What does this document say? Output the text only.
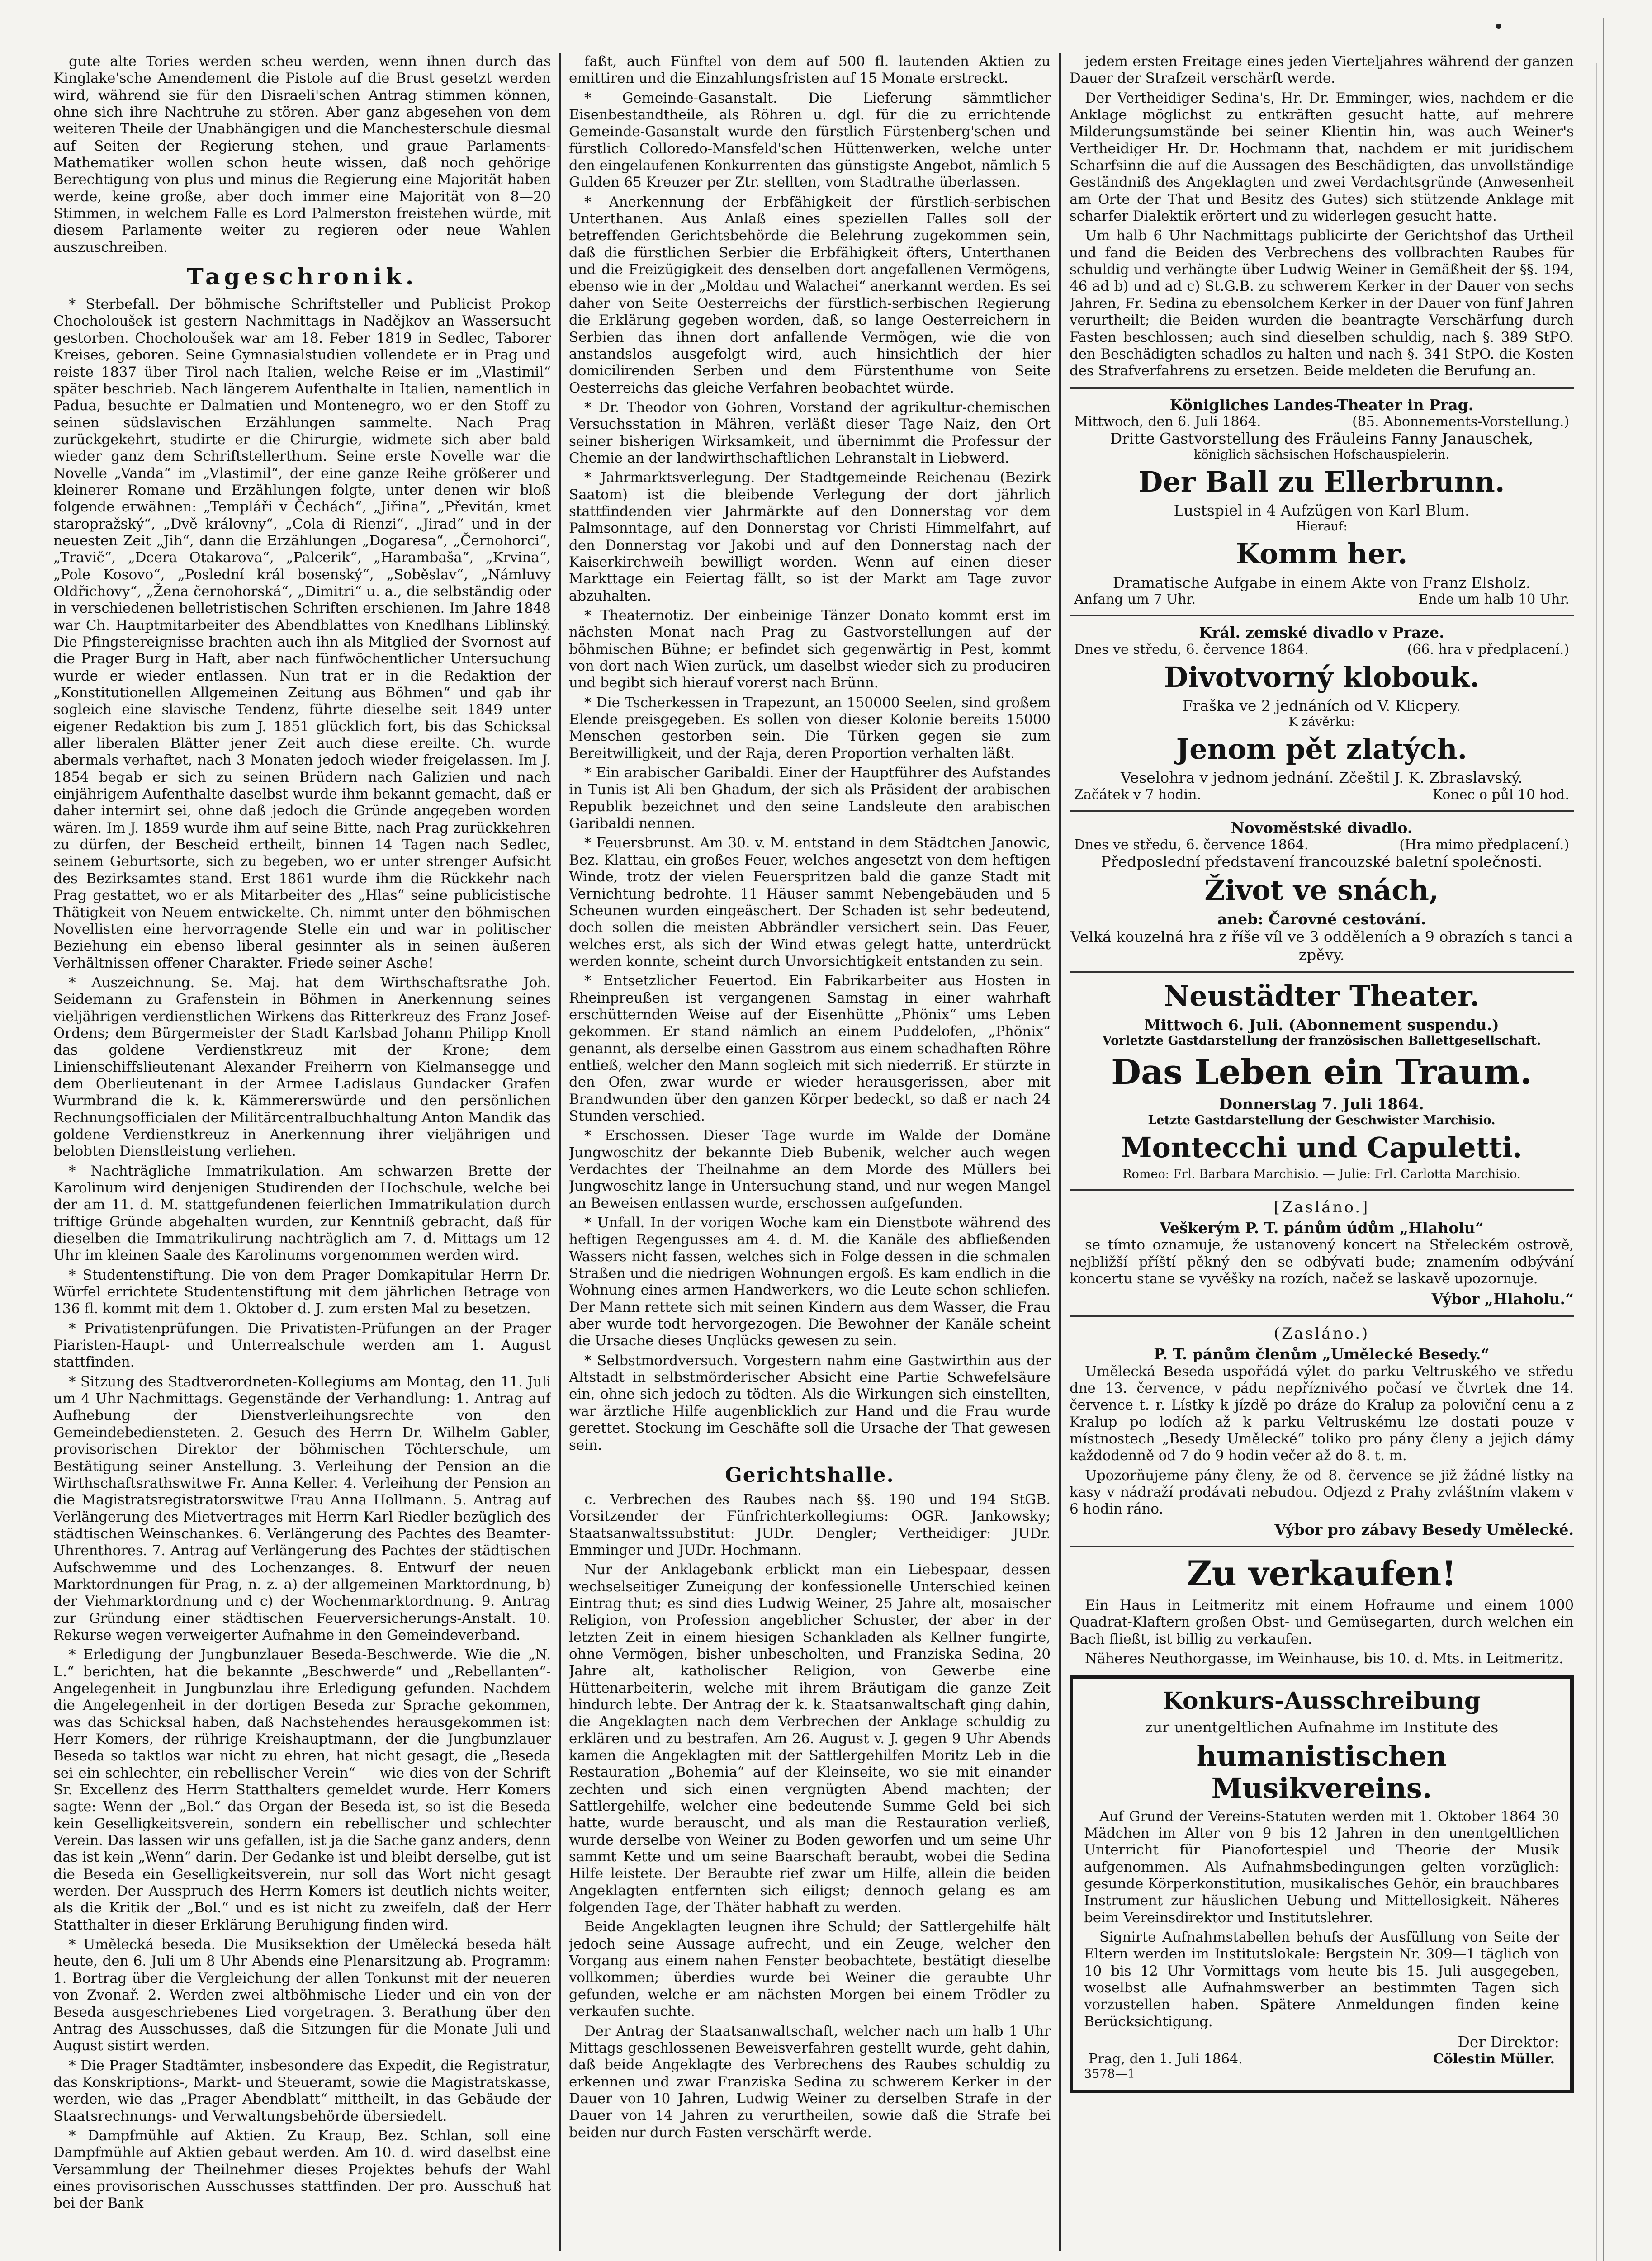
gute alte Tories werden scheu werden, wenn ihnen durch das Kinglake'sche Amendement die Pistole auf die Brust gesetzt werden wird, während sie für den Disraeli'schen Antrag stimmen können, ohne sich ihre Nachtruhe zu stören. Aber ganz abgesehen von dem weiteren Theile der Unabhängigen und die Manchesterschule diesmal auf Seiten der Regierung stehen, und graue Parlaments-Mathematiker wollen schon heute wissen, daß noch gehörige Berechtigung von plus und minus die Regierung eine Majorität haben werde, keine große, aber doch immer eine Majorität von 8—20 Stimmen, in welchem Falle es Lord Palmerston freistehen würde, mit diesem Parlamente weiter zu regieren oder neue Wahlen auszuschreiben.

Tageschronik.

* Sterbefall. Der böhmische Schriftsteller und Publicist Prokop Chocholoušek ist gestern Nachmittags in Nadějkov an Wassersucht gestorben. Chocholoušek war am 18. Feber 1819 in Sedlec, Taborer Kreises, geboren. Seine Gymnasialstudien vollendete er in Prag und reiste 1837 über Tirol nach Italien, welche Reise er im „Vlastimil“ später beschrieb. Nach längerem Aufenthalte in Italien, namentlich in Padua, besuchte er Dalmatien und Montenegro, wo er den Stoff zu seinen südslavischen Erzählungen sammelte. Nach Prag zurückgekehrt, studirte er die Chirurgie, widmete sich aber bald wieder ganz dem Schriftstellerthum. Seine erste Novelle war die Novelle „Vanda“ im „Vlastimil“, der eine ganze Reihe größerer und kleinerer Romane und Erzählungen folgte, unter denen wir bloß folgende erwähnen: „Templáři v Čechách“, „Jiřina“, „Převitán, kmet staropražský“, „Dvě královny“, „Cola di Rienzi“, „Jirad“ und in der neuesten Zeit „Jih“, dann die Erzählungen „Dogaresa“, „Černohorci“, „Travič“, „Dcera Otakarova“, „Palcerik“, „Harambaša“, „Krvina“, „Pole Kosovo“, „Poslední král bosenský“, „Soběslav“, „Námluvy Oldřichovy“, „Žena černohorská“, „Dimitri“ u. a., die selbständig oder in verschiedenen belletristischen Schriften erschienen. Im Jahre 1848 war Ch. Hauptmitarbeiter des Abendblattes von Knedlhans Liblinský. Die Pfingstereignisse brachten auch ihn als Mitglied der Svornost auf die Prager Burg in Haft, aber nach fünfwöchentlicher Untersuchung wurde er wieder entlassen. Nun trat er in die Redaktion der „Konstitutionellen Allgemeinen Zeitung aus Böhmen“ und gab ihr sogleich eine slavische Tendenz, führte dieselbe seit 1849 unter eigener Redaktion bis zum J. 1851 glücklich fort, bis das Schicksal aller liberalen Blätter jener Zeit auch diese ereilte. Ch. wurde abermals verhaftet, nach 3 Monaten jedoch wieder freigelassen. Im J. 1854 begab er sich zu seinen Brüdern nach Galizien und nach einjährigem Aufenthalte daselbst wurde ihm bekannt gemacht, daß er daher internirt sei, ohne daß jedoch die Gründe angegeben worden wären. Im J. 1859 wurde ihm auf seine Bitte, nach Prag zurückkehren zu dürfen, der Bescheid ertheilt, binnen 14 Tagen nach Sedlec, seinem Geburtsorte, sich zu begeben, wo er unter strenger Aufsicht des Bezirksamtes stand. Erst 1861 wurde ihm die Rückkehr nach Prag gestattet, wo er als Mitarbeiter des „Hlas“ seine publicistische Thätigkeit von Neuem entwickelte. Ch. nimmt unter den böhmischen Novellisten eine hervorragende Stelle ein und war in politischer Beziehung ein ebenso liberal gesinnter als in seinen äußeren Verhältnissen offener Charakter. Friede seiner Asche!

* Auszeichnung. Se. Maj. hat dem Wirthschaftsrathe Joh. Seidemann zu Grafenstein in Böhmen in Anerkennung seines vieljährigen verdienstlichen Wirkens das Ritterkreuz des Franz Josef-Ordens; dem Bürgermeister der Stadt Karlsbad Johann Philipp Knoll das goldene Verdienstkreuz mit der Krone; dem Linienschiffslieutenant Alexander Freiherrn von Kielmansegge und dem Oberlieutenant in der Armee Ladislaus Gundacker Grafen Wurmbrand die k. k. Kämmererswürde und den persönlichen Rechnungsofficialen der Militärcentralbuchhaltung Anton Mandik das goldene Verdienstkreuz in Anerkennung ihrer vieljährigen und belobten Dienstleistung verliehen.

* Nachträgliche Immatrikulation. Am schwarzen Brette der Karolinum wird denjenigen Studirenden der Hochschule, welche bei der am 11. d. M. stattgefundenen feierlichen Immatrikulation durch triftige Gründe abgehalten wurden, zur Kenntniß gebracht, daß für dieselben die Immatrikulirung nachträglich am 7. d. Mittags um 12 Uhr im kleinen Saale des Karolinums vorgenommen werden wird.

* Studentenstiftung. Die von dem Prager Domkapitular Herrn Dr. Würfel errichtete Studentenstiftung mit dem jährlichen Betrage von 136 fl. kommt mit dem 1. Oktober d. J. zum ersten Mal zu besetzen.

* Privatistenprüfungen. Die Privatisten-Prüfungen an der Prager Piaristen-Haupt- und Unterrealschule werden am 1. August stattfinden.

* Sitzung des Stadtverordneten-Kollegiums am Montag, den 11. Juli um 4 Uhr Nachmittags. Gegenstände der Verhandlung: 1. Antrag auf Aufhebung der Dienstverleihungsrechte von den Gemeindebediensteten. 2. Gesuch des Herrn Dr. Wilhelm Gabler, provisorischen Direktor der böhmischen Töchterschule, um Bestätigung seiner Anstellung. 3. Verleihung der Pension an die Wirthschaftsrathswitwe Fr. Anna Keller. 4. Verleihung der Pension an die Magistratsregistratorswitwe Frau Anna Hollmann. 5. Antrag auf Verlängerung des Mietvertrages mit Herrn Karl Riedler bezüglich des städtischen Weinschankes. 6. Verlängerung des Pachtes des Beamter-Uhrenthores. 7. Antrag auf Verlängerung des Pachtes der städtischen Aufschwemme und des Lochenzanges. 8. Entwurf der neuen Marktordnungen für Prag, n. z. a) der allgemeinen Marktordnung, b) der Viehmarktordnung und c) der Wochenmarktordnung. 9. Antrag zur Gründung einer städtischen Feuerversicherungs-Anstalt. 10. Rekurse wegen verweigerter Aufnahme in den Gemeindeverband.

* Erledigung der Jungbunzlauer Beseda-Beschwerde. Wie die „N. L.“ berichten, hat die bekannte „Beschwerde“ und „Rebellanten“-Angelegenheit in Jungbunzlau ihre Erledigung gefunden. Nachdem die Angelegenheit in der dortigen Beseda zur Sprache gekommen, was das Schicksal haben, daß Nachstehendes herausgekommen ist: Herr Komers, der rührige Kreishauptmann, der die Jungbunzlauer Beseda so taktlos war nicht zu ehren, hat nicht gesagt, die „Beseda sei ein schlechter, ein rebellischer Verein“ — wie dies von der Schrift Sr. Excellenz des Herrn Statthalters gemeldet wurde. Herr Komers sagte: Wenn der „Bol.“ das Organ der Beseda ist, so ist die Beseda kein Geselligkeitsverein, sondern ein rebellischer und schlechter Verein. Das lassen wir uns gefallen, ist ja die Sache ganz anders, denn das ist kein „Wenn“ darin. Der Gedanke ist und bleibt derselbe, gut ist die Beseda ein Geselligkeitsverein, nur soll das Wort nicht gesagt werden. Der Ausspruch des Herrn Komers ist deutlich nichts weiter, als die Kritik der „Bol.“ und es ist nicht zu zweifeln, daß der Herr Statthalter in dieser Erklärung Beruhigung finden wird.

* Umělecká beseda. Die Musiksektion der Umělecká beseda hält heute, den 6. Juli um 8 Uhr Abends eine Plenarsitzung ab. Programm: 1. Bortrag über die Vergleichung der allen Tonkunst mit der neueren von Zvonař. 2. Werden zwei altböhmische Lieder und ein von der Beseda ausgeschriebenes Lied vorgetragen. 3. Berathung über den Antrag des Ausschusses, daß die Sitzungen für die Monate Juli und August sistirt werden.

* Die Prager Stadtämter, insbesondere das Expedit, die Registratur, das Konskriptions-, Markt- und Steueramt, sowie die Magistratskasse, werden, wie das „Prager Abendblatt“ mittheilt, in das Gebäude der Staatsrechnungs- und Verwaltungsbehörde übersiedelt.

* Dampfmühle auf Aktien. Zu Kraup, Bez. Schlan, soll eine Dampfmühle auf Aktien gebaut werden. Am 10. d. wird daselbst eine Versammlung der Theilnehmer dieses Projektes behufs der Wahl eines provisorischen Ausschusses stattfinden. Der pro. Ausschuß hat bei der Bank

faßt, auch Fünftel von dem auf 500 fl. lautenden Aktien zu emittiren und die Einzahlungsfristen auf 15 Monate erstreckt.

* Gemeinde-Gasanstalt. Die Lieferung sämmtlicher Eisenbestandtheile, als Röhren u. dgl. für die zu errichtende Gemeinde-Gasanstalt wurde den fürstlich Fürstenberg'schen und fürstlich Colloredo-Mansfeld'schen Hüttenwerken, welche unter den eingelaufenen Konkurrenten das günstigste Angebot, nämlich 5 Gulden 65 Kreuzer per Ztr. stellten, vom Stadtrathe überlassen.

* Anerkennung der Erbfähigkeit der fürstlich-serbischen Unterthanen. Aus Anlaß eines speziellen Falles soll der betreffenden Gerichtsbehörde die Belehrung zugekommen sein, daß die fürstlichen Serbier die Erbfähigkeit öfters, Unterthanen und die Freizügigkeit des denselben dort angefallenen Vermögens, ebenso wie in der „Moldau und Walachei“ anerkannt werden. Es sei daher von Seite Oesterreichs der fürstlich-serbischen Regierung die Erklärung gegeben worden, daß, so lange Oesterreichern in Serbien das ihnen dort anfallende Vermögen, wie die von anstandslos ausgefolgt wird, auch hinsichtlich der hier domicilirenden Serben und dem Fürstenthume von Seite Oesterreichs das gleiche Verfahren beobachtet würde.

* Dr. Theodor von Gohren, Vorstand der agrikultur-chemischen Versuchsstation in Mähren, verläßt dieser Tage Naiz, den Ort seiner bisherigen Wirksamkeit, und übernimmt die Professur der Chemie an der landwirthschaftlichen Lehranstalt in Liebwerd.

* Jahrmarktsverlegung. Der Stadtgemeinde Reichenau (Bezirk Saatom) ist die bleibende Verlegung der dort jährlich stattfindenden vier Jahrmärkte auf den Donnerstag vor dem Palmsonntage, auf den Donnerstag vor Christi Himmelfahrt, auf den Donnerstag vor Jakobi und auf den Donnerstag nach der Kaiserkirchweih bewilligt worden. Wenn auf einen dieser Markttage ein Feiertag fällt, so ist der Markt am Tage zuvor abzuhalten.

* Theaternotiz. Der einbeinige Tänzer Donato kommt erst im nächsten Monat nach Prag zu Gastvorstellungen auf der böhmischen Bühne; er befindet sich gegenwärtig in Pest, kommt von dort nach Wien zurück, um daselbst wieder sich zu produciren und begibt sich hierauf vorerst nach Brünn.

* Die Tscherkessen in Trapezunt, an 150000 Seelen, sind großem Elende preisgegeben. Es sollen von dieser Kolonie bereits 15000 Menschen gestorben sein. Die Türken gegen sie zum Bereitwilligkeit, und der Raja, deren Proportion verhalten läßt.

* Ein arabischer Garibaldi. Einer der Hauptführer des Aufstandes in Tunis ist Ali ben Ghadum, der sich als Präsident der arabischen Republik bezeichnet und den seine Landsleute den arabischen Garibaldi nennen.

* Feuersbrunst. Am 30. v. M. entstand in dem Städtchen Janowic, Bez. Klattau, ein großes Feuer, welches angesetzt von dem heftigen Winde, trotz der vielen Feuerspritzen bald die ganze Stadt mit Vernichtung bedrohte. 11 Häuser sammt Nebengebäuden und 5 Scheunen wurden eingeäschert. Der Schaden ist sehr bedeutend, doch sollen die meisten Abbrändler versichert sein. Das Feuer, welches erst, als sich der Wind etwas gelegt hatte, unterdrückt werden konnte, scheint durch Unvorsichtigkeit entstanden zu sein.

* Entsetzlicher Feuertod. Ein Fabrikarbeiter aus Hosten in Rheinpreußen ist vergangenen Samstag in einer wahrhaft erschütternden Weise auf der Eisenhütte „Phönix“ ums Leben gekommen. Er stand nämlich an einem Puddelofen, „Phönix“ genannt, als derselbe einen Gasstrom aus einem schadhaften Röhre entließ, welcher den Mann sogleich mit sich niederriß. Er stürzte in den Ofen, zwar wurde er wieder herausgerissen, aber mit Brandwunden über den ganzen Körper bedeckt, so daß er nach 24 Stunden verschied.

* Erschossen. Dieser Tage wurde im Walde der Domäne Jungwoschitz der bekannte Dieb Bubenik, welcher auch wegen Verdachtes der Theilnahme an dem Morde des Müllers bei Jungwoschitz lange in Untersuchung stand, und nur wegen Mangel an Beweisen entlassen wurde, erschossen aufgefunden.

* Unfall. In der vorigen Woche kam ein Dienstbote während des heftigen Regengusses am 4. d. M. die Kanäle des abfließenden Wassers nicht fassen, welches sich in Folge dessen in die schmalen Straßen und die niedrigen Wohnungen ergoß. Es kam endlich in die Wohnung eines armen Handwerkers, wo die Leute schon schliefen. Der Mann rettete sich mit seinen Kindern aus dem Wasser, die Frau aber wurde todt hervorgezogen. Die Bewohner der Kanäle scheint die Ursache dieses Unglücks gewesen zu sein.

* Selbstmordversuch. Vorgestern nahm eine Gastwirthin aus der Altstadt in selbstmörderischer Absicht eine Partie Schwefelsäure ein, ohne sich jedoch zu tödten. Als die Wirkungen sich einstellten, war ärztliche Hilfe augenblicklich zur Hand und die Frau wurde gerettet. Stockung im Geschäfte soll die Ursache der That gewesen sein.

Gerichtshalle.

c. Verbrechen des Raubes nach §§. 190 und 194 StGB. Vorsitzender der Fünfrichterkollegiums: OGR. Jankowsky; Staatsanwaltssubstitut: JUDr. Dengler; Vertheidiger: JUDr. Emminger und JUDr. Hochmann.

Nur der Anklagebank erblickt man ein Liebespaar, dessen wechselseitiger Zuneigung der konfessionelle Unterschied keinen Eintrag thut; es sind dies Ludwig Weiner, 25 Jahre alt, mosaischer Religion, von Profession angeblicher Schuster, der aber in der letzten Zeit in einem hiesigen Schankladen als Kellner fungirte, ohne Vermögen, bisher unbescholten, und Franziska Sedina, 20 Jahre alt, katholischer Religion, von Gewerbe eine Hüttenarbeiterin, welche mit ihrem Bräutigam die ganze Zeit hindurch lebte. Der Antrag der k. k. Staatsanwaltschaft ging dahin, die Angeklagten nach dem Verbrechen der Anklage schuldig zu erklären und zu bestrafen. Am 26. August v. J. gegen 9 Uhr Abends kamen die Angeklagten mit der Sattlergehilfen Moritz Leb in die Restauration „Bohemia“ auf der Kleinseite, wo sie mit einander zechten und sich einen vergnügten Abend machten; der Sattlergehilfe, welcher eine bedeutende Summe Geld bei sich hatte, wurde berauscht, und als man die Restauration verließ, wurde derselbe von Weiner zu Boden geworfen und um seine Uhr sammt Kette und um seine Baarschaft beraubt, wobei die Sedina Hilfe leistete. Der Beraubte rief zwar um Hilfe, allein die beiden Angeklagten entfernten sich eiligst; dennoch gelang es am folgenden Tage, der Thäter habhaft zu werden.

Beide Angeklagten leugnen ihre Schuld; der Sattlergehilfe hält jedoch seine Aussage aufrecht, und ein Zeuge, welcher den Vorgang aus einem nahen Fenster beobachtete, bestätigt dieselbe vollkommen; überdies wurde bei Weiner die geraubte Uhr gefunden, welche er am nächsten Morgen bei einem Trödler zu verkaufen suchte.

Der Antrag der Staatsanwaltschaft, welcher nach um halb 1 Uhr Mittags geschlossenen Beweisverfahren gestellt wurde, geht dahin, daß beide Angeklagte des Verbrechens des Raubes schuldig zu erkennen und zwar Franziska Sedina zu schwerem Kerker in der Dauer von 10 Jahren, Ludwig Weiner zu derselben Strafe in der Dauer von 14 Jahren zu verurtheilen, sowie daß die Strafe bei beiden nur durch Fasten verschärft werde.

jedem ersten Freitage eines jeden Vierteljahres während der ganzen Dauer der Strafzeit verschärft werde.

Der Vertheidiger Sedina's, Hr. Dr. Emminger, wies, nachdem er die Anklage möglichst zu entkräften gesucht hatte, auf mehrere Milderungsumstände bei seiner Klientin hin, was auch Weiner's Vertheidiger Hr. Dr. Hochmann that, nachdem er mit juridischem Scharfsinn die auf die Aussagen des Beschädigten, das unvollständige Geständniß des Angeklagten und zwei Verdachtsgründe (Anwesenheit am Orte der That und Besitz des Gutes) sich stützende Anklage mit scharfer Dialektik erörtert und zu widerlegen gesucht hatte.

Um halb 6 Uhr Nachmittags publicirte der Gerichtshof das Urtheil und fand die Beiden des Verbrechens des vollbrachten Raubes für schuldig und verhängte über Ludwig Weiner in Gemäßheit der §§. 194, 46 ad b) und ad c) St.G.B. zu schwerem Kerker in der Dauer von sechs Jahren, Fr. Sedina zu ebensolchem Kerker in der Dauer von fünf Jahren verurtheilt; die Beiden wurden die beantragte Verschärfung durch Fasten beschlossen; auch sind dieselben schuldig, nach §. 389 StPO. den Beschädigten schadlos zu halten und nach §. 341 StPO. die Kosten des Strafverfahrens zu ersetzen. Beide meldeten die Berufung an.

Königliches Landes-Theater in Prag.
Mittwoch, den 6. Juli 1864.	(85. Abonnements-Vorstellung.)
Dritte Gastvorstellung des Fräuleins Fanny Janauschek,
königlich sächsischen Hofschauspielerin.
Der Ball zu Ellerbrunn.
Lustspiel in 4 Aufzügen von Karl Blum.
Hierauf:
Komm her.
Dramatische Aufgabe in einem Akte von Franz Elsholz.
Anfang um 7 Uhr.	Ende um halb 10 Uhr.
Král. zemské divadlo v Praze.
Dnes ve středu, 6. července 1864.	(66. hra v předplacení.)
Divotvorný klobouk.
Fraška ve 2 jednáních od V. Klicpery.
K závěrku:
Jenom pět zlatých.
Veselohra v jednom jednání. Zčeštil J. K. Zbraslavský.
Začátek v 7 hodin.	Konec o půl 10 hod.
Novoměstské divadlo.
Dnes ve středu, 6. července 1864.	(Hra mimo předplacení.)
Předposlední představení francouzské baletní společnosti.
Život ve snách,
aneb: Čarovné cestování.
Velká kouzelná hra z říše víl ve 3 odděleních a 9 obrazích s tanci a zpěvy.
Neustädter Theater.
Mittwoch 6. Juli. (Abonnement suspendu.)
Vorletzte Gastdarstellung der französischen Ballettgesellschaft.
Das Leben ein Traum.
Donnerstag 7. Juli 1864.
Letzte Gastdarstellung der Geschwister Marchisio.
Montecchi und Capuletti.
Romeo: Frl. Barbara Marchisio. — Julie: Frl. Carlotta Marchisio.
[Zasláno.]
Veškerým P. T. pánům údům „Hlaholu“

se tímto oznamuje, že ustanovený koncert na Střeleckém ostrově, nejbližší příští pěkný den se odbývati bude; znamením odbývání koncertu stane se vyvěšky na rozích, načež se laskavě upozornuje.

Výbor „Hlaholu.“
(Zasláno.)
P. T. pánům členům „Umělecké Besedy.“

Umělecká Beseda uspořádá výlet do parku Veltruského ve středu dne 13. července, v pádu nepříznivého počasí ve čtvrtek dne 14. července t. r. Lístky k jízdě po dráze do Kralup za poloviční cenu a z Kralup po lodích až k parku Veltruskému lze dostati pouze v místnostech „Besedy Umělecké“ toliko pro pány členy a jejich dámy každodenně od 7 do 9 hodin večer až do 8. t. m.

Upozorňujeme pány členy, že od 8. července se již žádné lístky na kasy v nádraží prodávati nebudou. Odjezd z Prahy zvláštním vlakem v 6 hodin ráno.

Výbor pro zábavy Besedy Umělecké.
Zu verkaufen!

Ein Haus in Leitmeritz mit einem Hofraume und einem 1000 Quadrat-Klaftern großen Obst- und Gemüsegarten, durch welchen ein Bach fließt, ist billig zu verkaufen.

Näheres Neuthorgasse, im Weinhause, bis 10. d. Mts. in Leitmeritz.

Konkurs-Ausschreibung
zur unentgeltlichen Aufnahme im Institute des
humanistischen Musikvereins.

Auf Grund der Vereins-Statuten werden mit 1. Oktober 1864 30 Mädchen im Alter von 9 bis 12 Jahren in den unentgeltlichen Unterricht für Pianofortespiel und Theorie der Musik aufgenommen. Als Aufnahmsbedingungen gelten vorzüglich: gesunde Körperkonstitution, musikalisches Gehör, ein brauchbares Instrument zur häuslichen Uebung und Mittellosigkeit. Näheres beim Vereinsdirektor und Institutslehrer.

Signirte Aufnahmstabellen behufs der Ausfüllung von Seite der Eltern werden im Institutslokale: Bergstein Nr. 309—1 täglich von 10 bis 12 Uhr Vormittags vom heute bis 15. Juli ausgegeben, woselbst alle Aufnahmswerber an bestimmten Tagen sich vorzustellen haben. Spätere Anmeldungen finden keine Berücksichtigung.

Der Direktor:
Prag, den 1. Juli 1864.	Cölestin Müller.
3578—1
